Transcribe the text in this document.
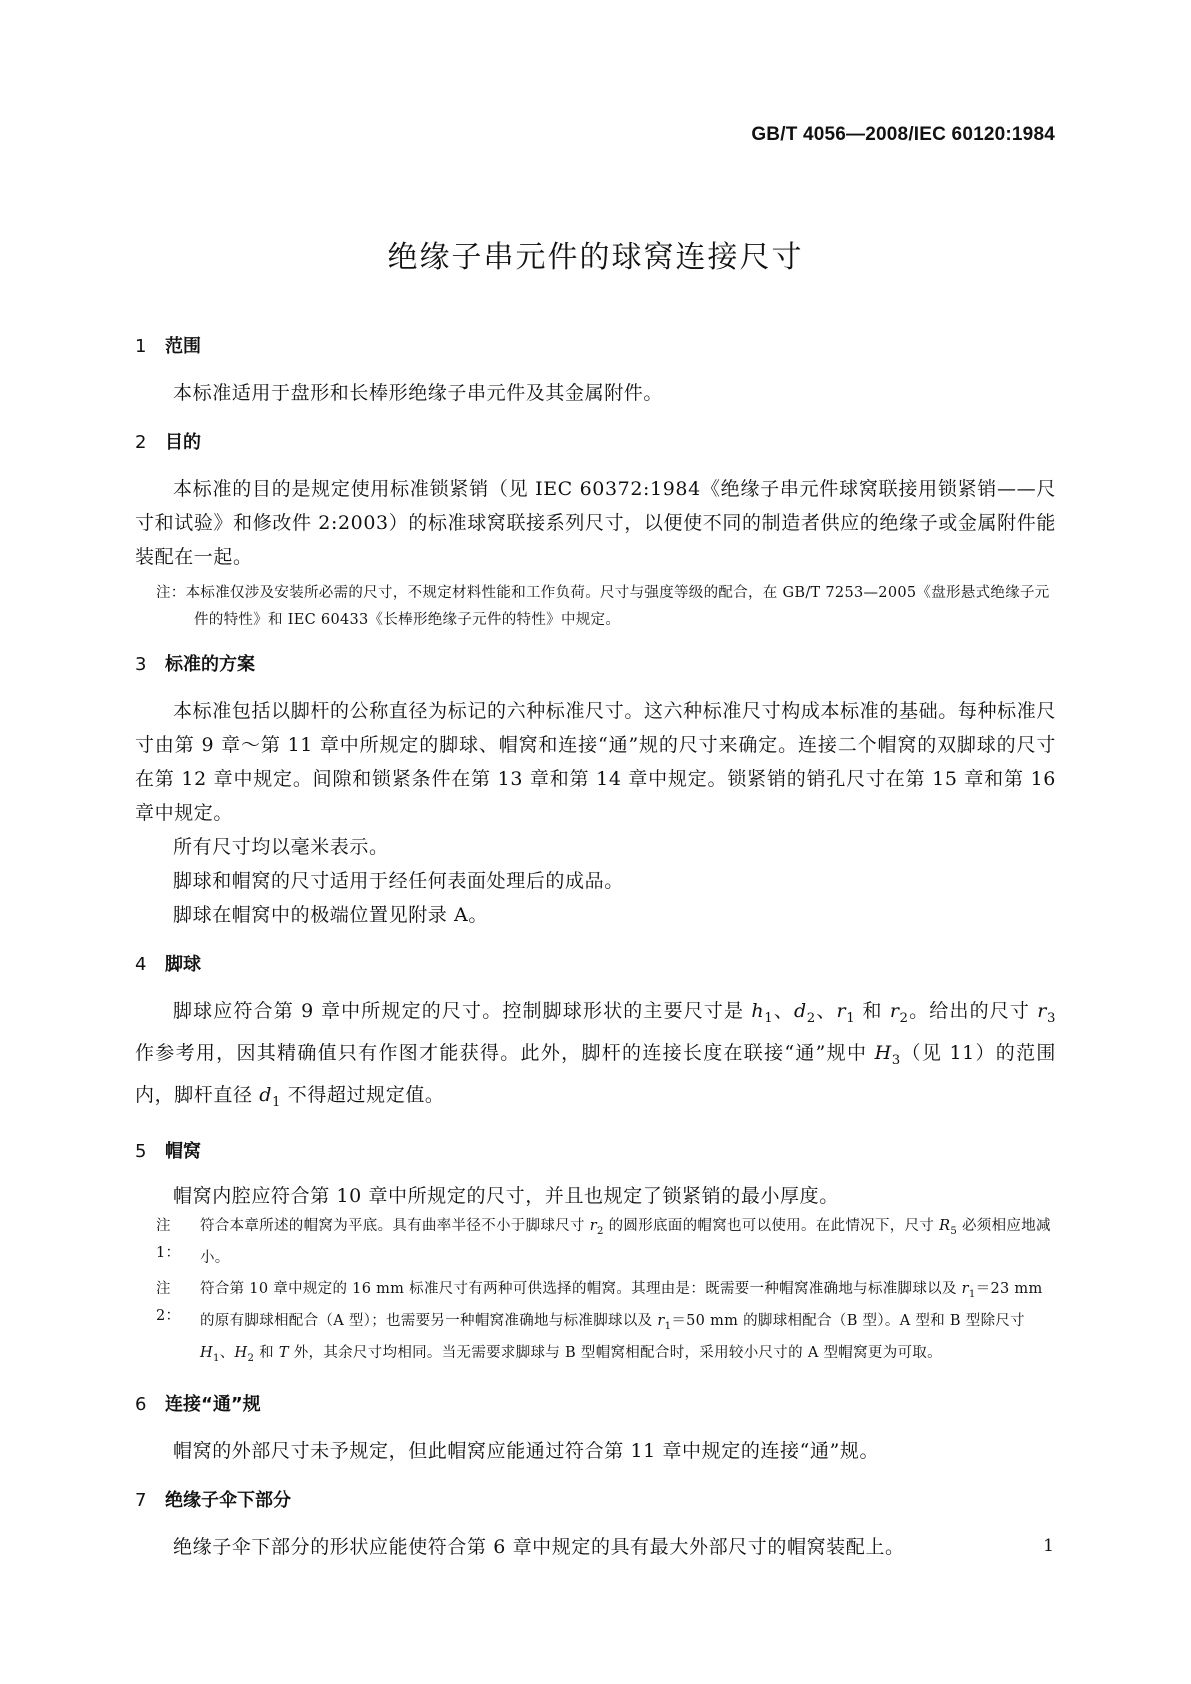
GB/T 4056—2008/IEC 60120:1984
绝缘子串元件的球窝连接尺寸
1 范围

本标准适用于盘形和长棒形绝缘子串元件及其金属附件。

2 目的

本标准的目的是规定使用标准锁紧销（见 IEC 60372:1984《绝缘子串元件球窝联接用锁紧销——尺寸和试验》和修改件 2:2003）的标准球窝联接系列尺寸，以便使不同的制造者供应的绝缘子或金属附件能装配在一起。

注：本标准仅涉及安装所必需的尺寸，不规定材料性能和工作负荷。尺寸与强度等级的配合，在 GB/T 7253—2005《盘形悬式绝缘子元件的特性》和 IEC 60433《长棒形绝缘子元件的特性》中规定。

3 标准的方案

本标准包括以脚杆的公称直径为标记的六种标准尺寸。这六种标准尺寸构成本标准的基础。每种标准尺寸由第 9 章～第 11 章中所规定的脚球、帽窝和连接“通”规的尺寸来确定。连接二个帽窝的双脚球的尺寸在第 12 章中规定。间隙和锁紧条件在第 13 章和第 14 章中规定。锁紧销的销孔尺寸在第 15 章和第 16 章中规定。

所有尺寸均以毫米表示。

脚球和帽窝的尺寸适用于经任何表面处理后的成品。

脚球在帽窝中的极端位置见附录 A。

4 脚球

脚球应符合第 9 章中所规定的尺寸。控制脚球形状的主要尺寸是 $h_1$、$d_2$、$r_1$ 和 $r_2$。给出的尺寸 $r_3$ 作参考用，因其精确值只有作图才能获得。此外，脚杆的连接长度在联接“通”规中 $H_3$（见 11）的范围内，脚杆直径 $d_1$ 不得超过规定值。

5 帽窝

帽窝内腔应符合第 10 章中所规定的尺寸，并且也规定了锁紧销的最小厚度。

注 1：
符合本章所述的帽窝为平底。具有曲率半径不小于脚球尺寸 $r_2$ 的圆形底面的帽窝也可以使用。在此情况下，尺寸 $R_5$ 必须相应地减小。
注 2：
符合第 10 章中规定的 16 mm 标准尺寸有两种可供选择的帽窝。其理由是：既需要一种帽窝准确地与标准脚球以及 $r_1=23$ mm 的原有脚球相配合（A 型）；也需要另一种帽窝准确地与标准脚球以及 $r_1=50$ mm 的脚球相配合（B 型）。A 型和 B 型除尺寸 $H_1$、$H_2$ 和 T 外，其余尺寸均相同。当无需要求脚球与 B 型帽窝相配合时，采用较小尺寸的 A 型帽窝更为可取。
6 连接“通”规

帽窝的外部尺寸未予规定，但此帽窝应能通过符合第 11 章中规定的连接“通”规。

7 绝缘子伞下部分

绝缘子伞下部分的形状应能使符合第 6 章中规定的具有最大外部尺寸的帽窝装配上。	1
